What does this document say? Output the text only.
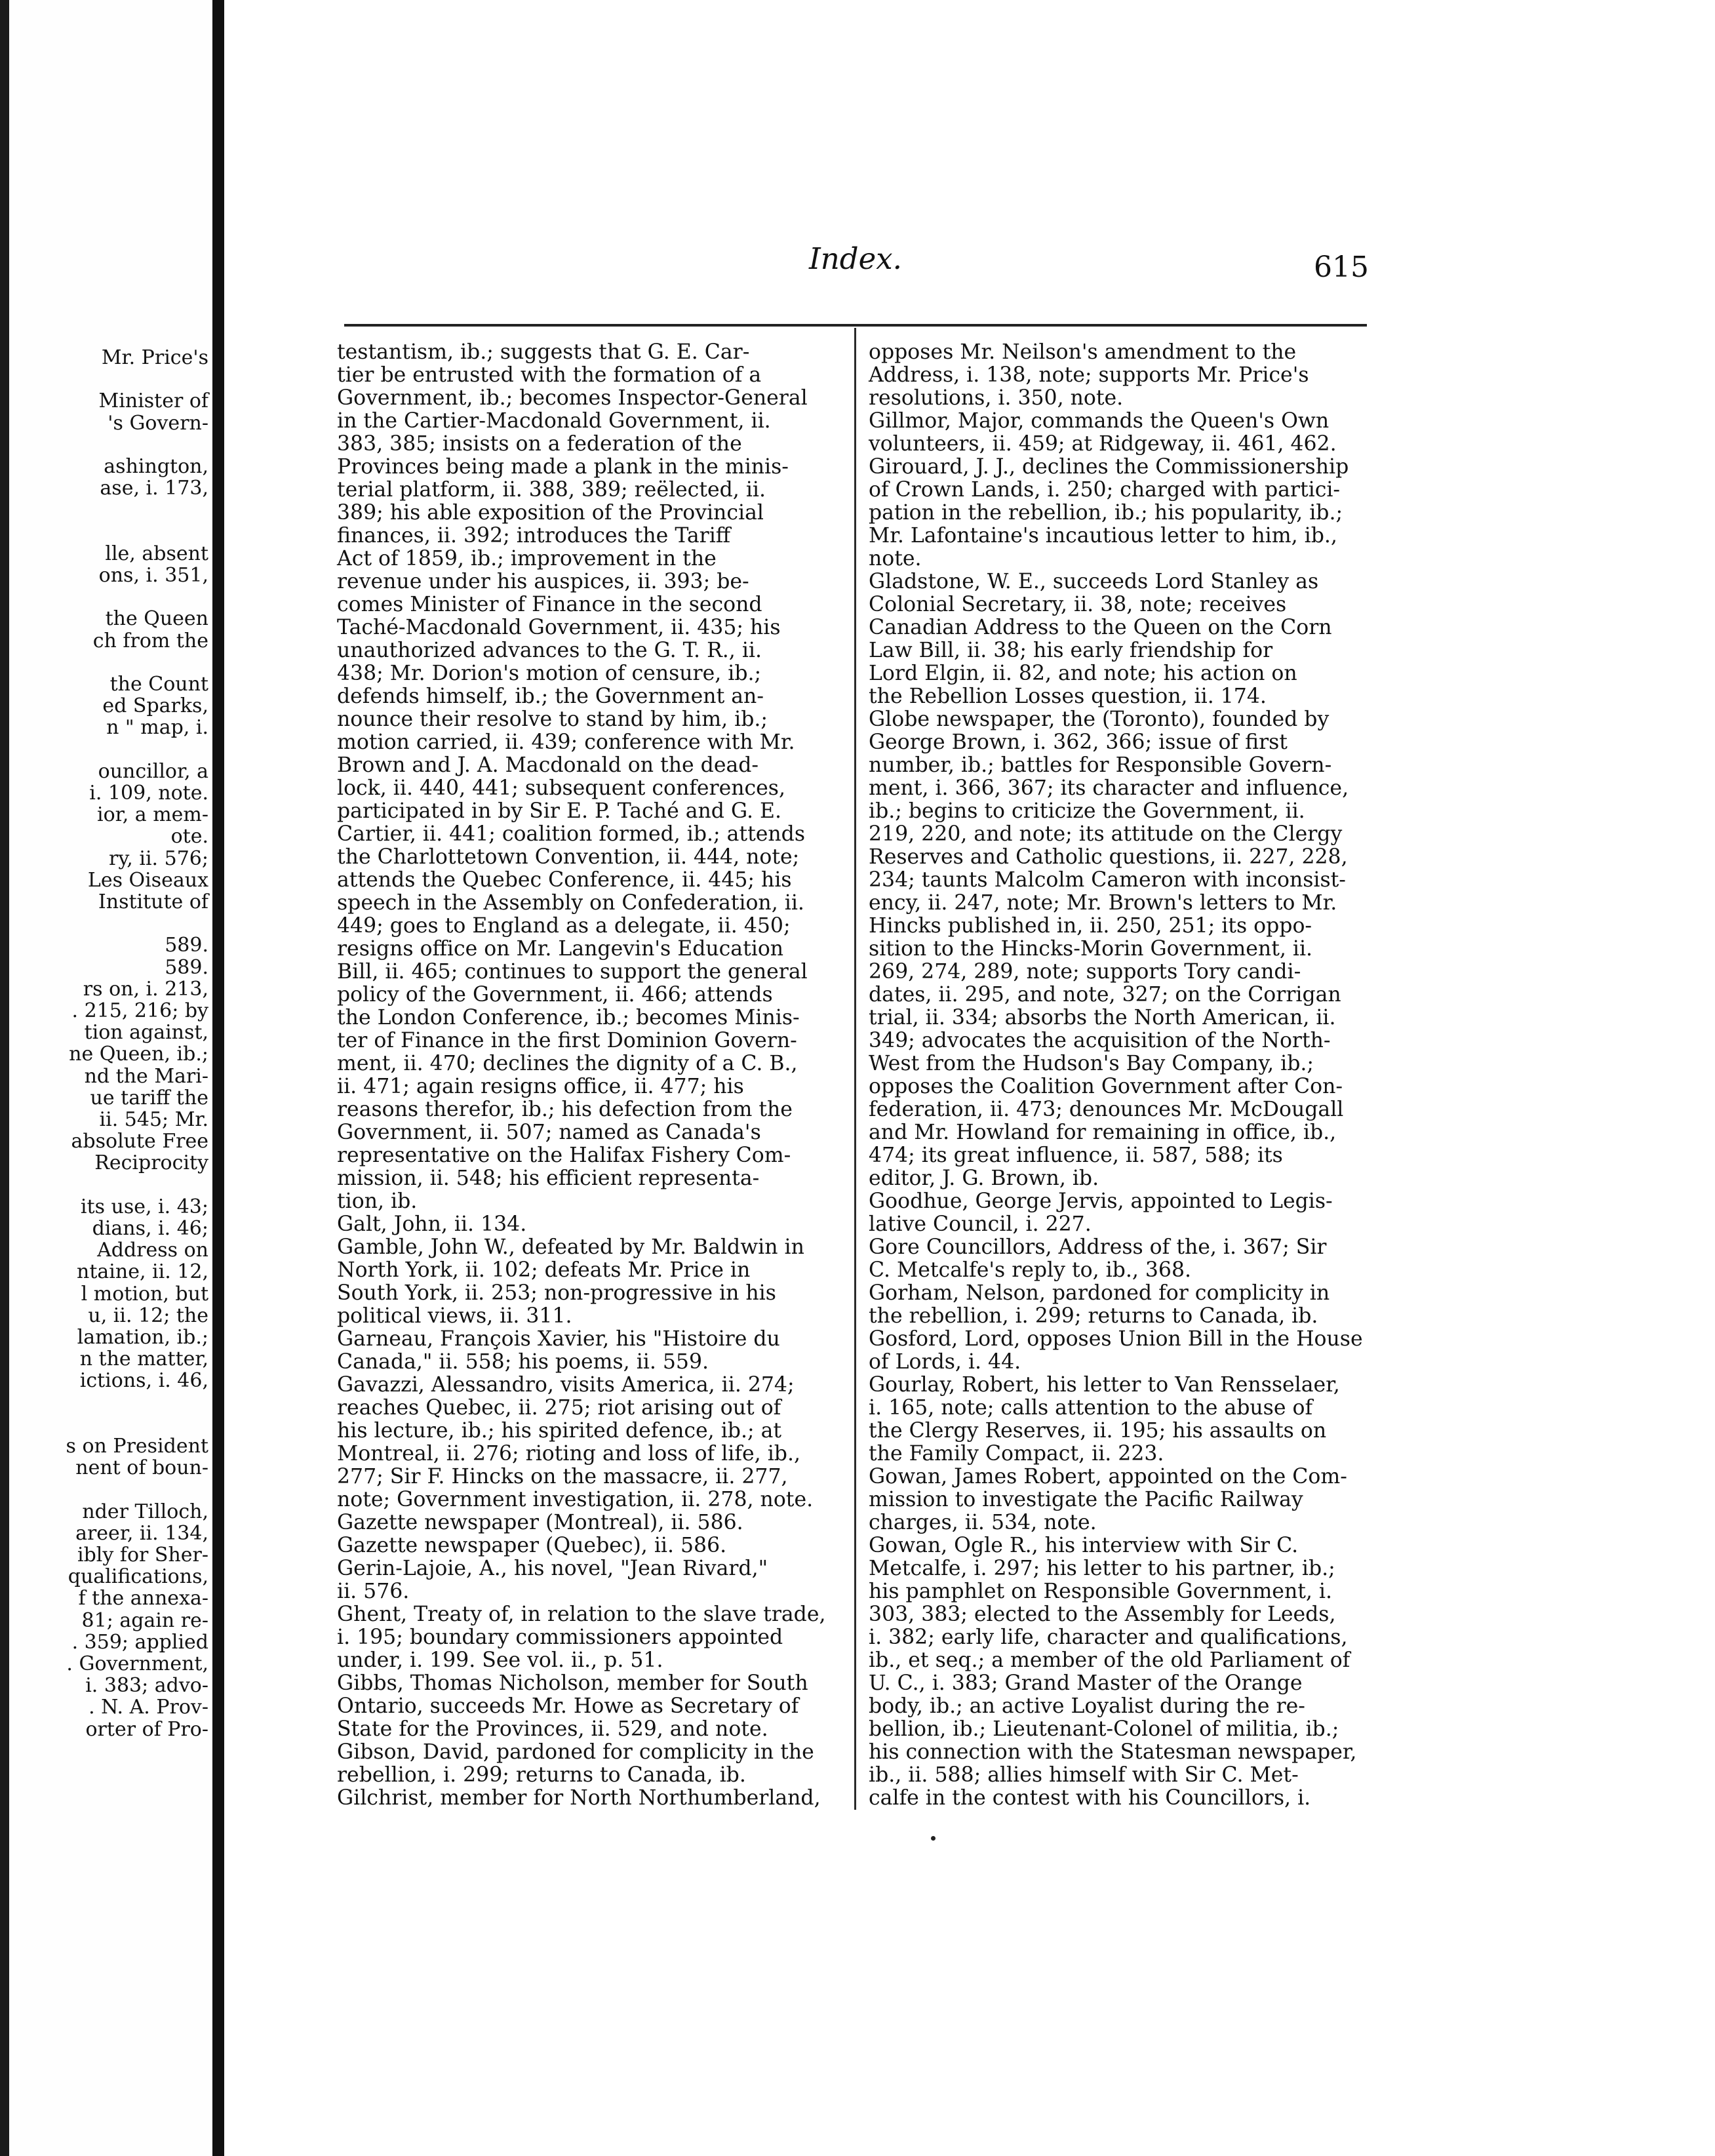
Mr. Price's
Minister of
's Govern-
ashington,
ase, i. 173,
lle, absent
ons, i. 351,
the Queen
ch from the
the Count
ed Sparks,
n " map, i.
ouncillor, a
i. 109, note.
ior, a mem-
ote.
ry, ii. 576;
Les Oiseaux
Institute of
589.
589.
rs on, i. 213,
. 215, 216; by
tion against,
ne Queen, ib.;
nd the Mari-
ue tariff the
ii. 545; Mr.
absolute Free
Reciprocity
its use, i. 43;
dians, i. 46;
Address on
ntaine, ii. 12,
l motion, but
u, ii. 12; the
lamation, ib.;
n the matter,
ictions, i. 46,
s on President
nent of boun-
nder Tilloch,
areer, ii. 134,
ibly for Sher-
qualifications,
f the annexa-
81; again re-
. 359; applied
. Government,
i. 383; advo-
. N. A. Prov-
orter of Pro-
Index.	615
testantism, ib.; suggests that G. E. Car-
tier be entrusted with the formation of a
Government, ib.; becomes Inspector-General
in the Cartier-Macdonald Government, ii.
383, 385; insists on a federation of the
Provinces being made a plank in the minis-
terial platform, ii. 388, 389; reëlected, ii.
389; his able exposition of the Provincial
finances, ii. 392; introduces the Tariff
Act of 1859, ib.; improvement in the
revenue under his auspices, ii. 393; be-
comes Minister of Finance in the second
Taché-Macdonald Government, ii. 435; his
unauthorized advances to the G. T. R., ii.
438; Mr. Dorion's motion of censure, ib.;
defends himself, ib.; the Government an-
nounce their resolve to stand by him, ib.;
motion carried, ii. 439; conference with Mr.
Brown and J. A. Macdonald on the dead-
lock, ii. 440, 441; subsequent conferences,
participated in by Sir E. P. Taché and G. E.
Cartier, ii. 441; coalition formed, ib.; attends
the Charlottetown Convention, ii. 444, note;
attends the Quebec Conference, ii. 445; his
speech in the Assembly on Confederation, ii.
449; goes to England as a delegate, ii. 450;
resigns office on Mr. Langevin's Education
Bill, ii. 465; continues to support the general
policy of the Government, ii. 466; attends
the London Conference, ib.; becomes Minis-
ter of Finance in the first Dominion Govern-
ment, ii. 470; declines the dignity of a C. B.,
ii. 471; again resigns office, ii. 477; his
reasons therefor, ib.; his defection from the
Government, ii. 507; named as Canada's
representative on the Halifax Fishery Com-
mission, ii. 548; his efficient representa-
tion, ib.
Galt, John, ii. 134.
Gamble, John W., defeated by Mr. Baldwin in
North York, ii. 102; defeats Mr. Price in
South York, ii. 253; non-progressive in his
political views, ii. 311.
Garneau, François Xavier, his "Histoire du
Canada," ii. 558; his poems, ii. 559.
Gavazzi, Alessandro, visits America, ii. 274;
reaches Quebec, ii. 275; riot arising out of
his lecture, ib.; his spirited defence, ib.; at
Montreal, ii. 276; rioting and loss of life, ib.,
277; Sir F. Hincks on the massacre, ii. 277,
note; Government investigation, ii. 278, note.
Gazette newspaper (Montreal), ii. 586.
Gazette newspaper (Quebec), ii. 586.
Gerin-Lajoie, A., his novel, "Jean Rivard,"
ii. 576.
Ghent, Treaty of, in relation to the slave trade,
i. 195; boundary commissioners appointed
under, i. 199. See vol. ii., p. 51.
Gibbs, Thomas Nicholson, member for South
Ontario, succeeds Mr. Howe as Secretary of
State for the Provinces, ii. 529, and note.
Gibson, David, pardoned for complicity in the
rebellion, i. 299; returns to Canada, ib.
Gilchrist, member for North Northumberland,
opposes Mr. Neilson's amendment to the
Address, i. 138, note; supports Mr. Price's
resolutions, i. 350, note.
Gillmor, Major, commands the Queen's Own
volunteers, ii. 459; at Ridgeway, ii. 461, 462.
Girouard, J. J., declines the Commissionership
of Crown Lands, i. 250; charged with partici-
pation in the rebellion, ib.; his popularity, ib.;
Mr. Lafontaine's incautious letter to him, ib.,
note.
Gladstone, W. E., succeeds Lord Stanley as
Colonial Secretary, ii. 38, note; receives
Canadian Address to the Queen on the Corn
Law Bill, ii. 38; his early friendship for
Lord Elgin, ii. 82, and note; his action on
the Rebellion Losses question, ii. 174.
Globe newspaper, the (Toronto), founded by
George Brown, i. 362, 366; issue of first
number, ib.; battles for Responsible Govern-
ment, i. 366, 367; its character and influence,
ib.; begins to criticize the Government, ii.
219, 220, and note; its attitude on the Clergy
Reserves and Catholic questions, ii. 227, 228,
234; taunts Malcolm Cameron with inconsist-
ency, ii. 247, note; Mr. Brown's letters to Mr.
Hincks published in, ii. 250, 251; its oppo-
sition to the Hincks-Morin Government, ii.
269, 274, 289, note; supports Tory candi-
dates, ii. 295, and note, 327; on the Corrigan
trial, ii. 334; absorbs the North American, ii.
349; advocates the acquisition of the North-
West from the Hudson's Bay Company, ib.;
opposes the Coalition Government after Con-
federation, ii. 473; denounces Mr. McDougall
and Mr. Howland for remaining in office, ib.,
474; its great influence, ii. 587, 588; its
editor, J. G. Brown, ib.
Goodhue, George Jervis, appointed to Legis-
lative Council, i. 227.
Gore Councillors, Address of the, i. 367; Sir
C. Metcalfe's reply to, ib., 368.
Gorham, Nelson, pardoned for complicity in
the rebellion, i. 299; returns to Canada, ib.
Gosford, Lord, opposes Union Bill in the House
of Lords, i. 44.
Gourlay, Robert, his letter to Van Rensselaer,
i. 165, note; calls attention to the abuse of
the Clergy Reserves, ii. 195; his assaults on
the Family Compact, ii. 223.
Gowan, James Robert, appointed on the Com-
mission to investigate the Pacific Railway
charges, ii. 534, note.
Gowan, Ogle R., his interview with Sir C.
Metcalfe, i. 297; his letter to his partner, ib.;
his pamphlet on Responsible Government, i.
303, 383; elected to the Assembly for Leeds,
i. 382; early life, character and qualifications,
ib., et seq.; a member of the old Parliament of
U. C., i. 383; Grand Master of the Orange
body, ib.; an active Loyalist during the re-
bellion, ib.; Lieutenant-Colonel of militia, ib.;
his connection with the Statesman newspaper,
ib., ii. 588; allies himself with Sir C. Met-
calfe in the contest with his Councillors, i.
